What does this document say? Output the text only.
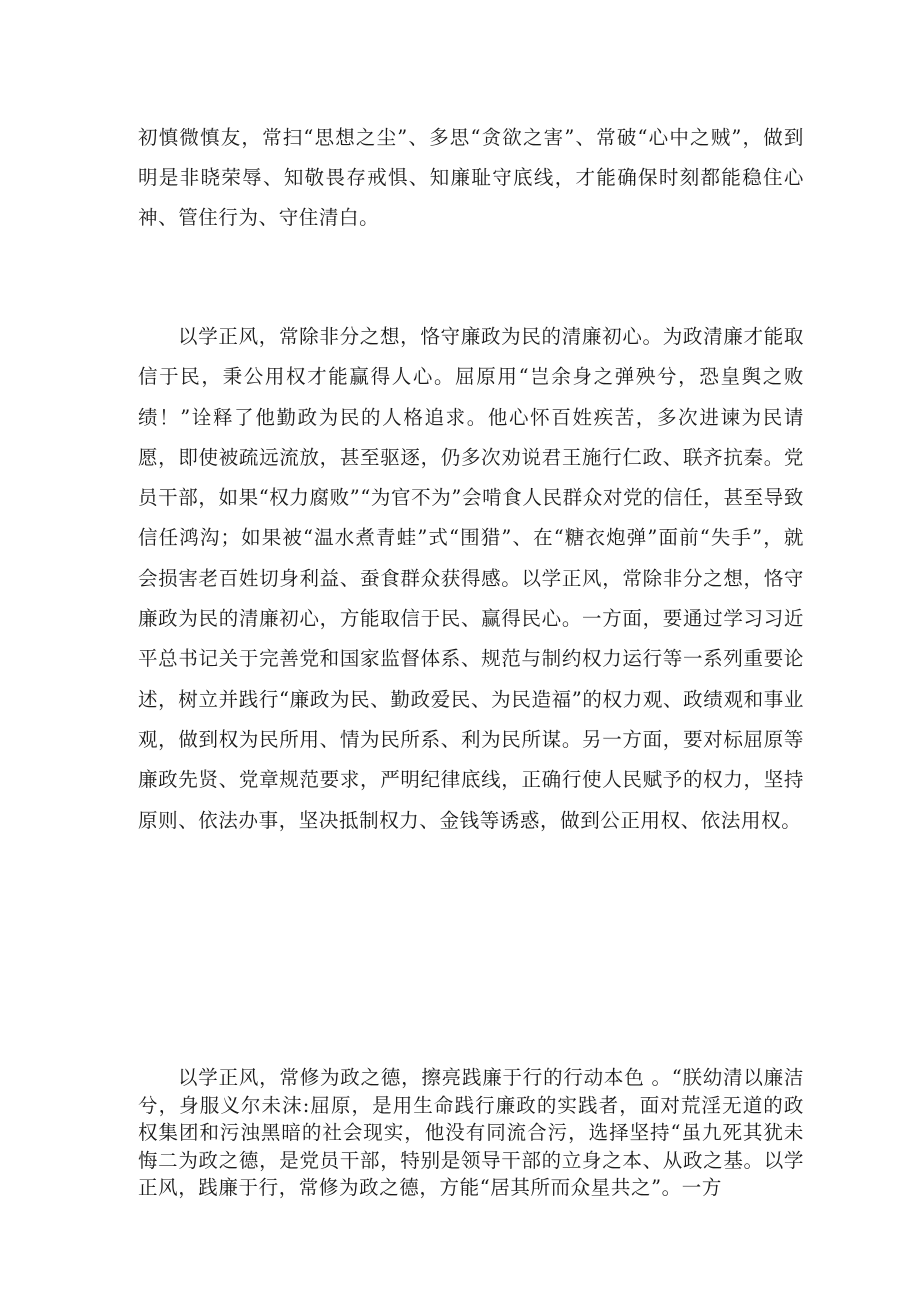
初慎微慎友，常扫“思想之尘”、多思“贪欲之害”、常破“心中之贼”，做到明是非晓荣辱、知敬畏存戒惧、知廉耻守底线，才能确保时刻都能稳住心神、管住行为、守住清白。

以学正风，常除非分之想，恪守廉政为民的清廉初心。为政清廉才能取信于民，秉公用权才能赢得人心。屈原用“岂余身之弹殃兮，恐皇舆之败绩！”诠释了他勤政为民的人格追求。他心怀百姓疾苦，多次进谏为民请愿，即使被疏远流放，甚至驱逐，仍多次劝说君王施行仁政、联齐抗秦。党员干部，如果“权力腐败”“为官不为”会啃食人民群众对党的信任，甚至导致信任鸿沟；如果被“温水煮青蛙”式“围猎”、在“糖衣炮弹”面前“失手”，就会损害老百姓切身利益、蚕食群众获得感。以学正风，常除非分之想，恪守廉政为民的清廉初心，方能取信于民、赢得民心。一方面，要通过学习习近平总书记关于完善党和国家监督体系、规范与制约权力运行等一系列重要论述，树立并践行“廉政为民、勤政爱民、为民造福”的权力观、政绩观和事业观，做到权为民所用、情为民所系、利为民所谋。另一方面，要对标屈原等廉政先贤、党章规范要求，严明纪律底线，正确行使人民赋予的权力，坚持原则、依法办事，坚决抵制权力、金钱等诱惑，做到公正用权、依法用权。

以学正风，常修为政之德，擦亮践廉于行的行动本色 。“朕幼清以廉洁兮，身服义尔未沫:屈原，是用生命践行廉政的实践者，面对荒淫无道的政权集团和污浊黑暗的社会现实，他没有同流合污，选择坚持“虽九死其犹未悔二为政之德，是党员干部，特别是领导干部的立身之本、从政之基。以学正风，践廉于行，常修为政之德，方能“居其所而众星共之”。一方
